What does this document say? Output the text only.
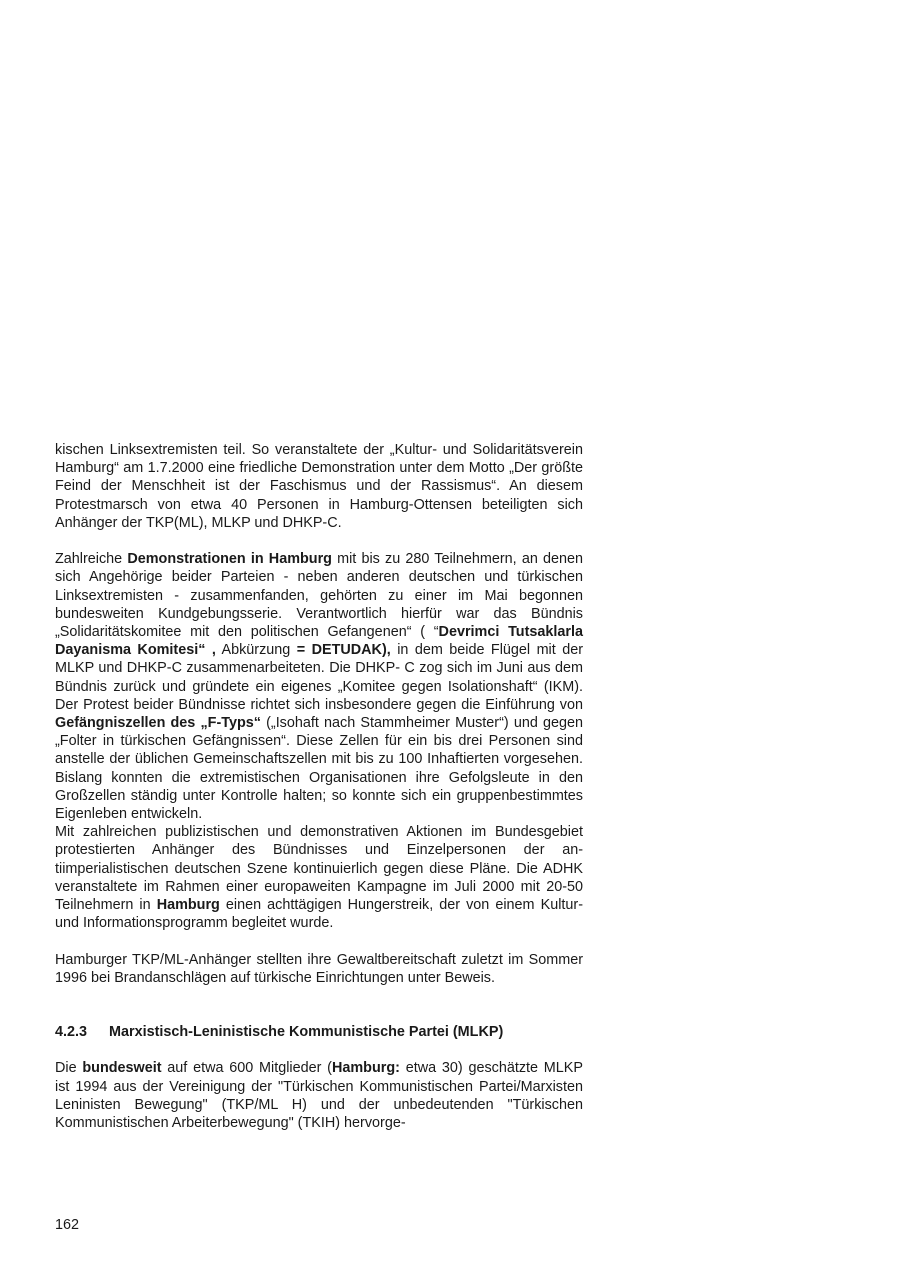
kischen Linksextremisten teil. So veranstaltete der „Kultur- und Solidaritätsverein Hamburg“ am 1.7.2000 eine friedliche Demonstration unter dem Motto „Der größte Feind der Menschheit ist der Faschismus und der Rassismus“. An diesem Protestmarsch von etwa 40 Personen in Hamburg-Ottensen beteiligten sich Anhänger der TKP(ML), MLKP und DHKP-C.

Zahlreiche Demonstrationen in Hamburg mit bis zu 280 Teilnehmern, an denen sich Angehörige beider Parteien - neben anderen deutschen und türkischen Linksextremisten - zusammenfanden, gehörten zu einer im Mai begonnen bundesweiten Kundgebungsserie. Verantwortlich hierfür war das Bündnis „Solidaritätskomitee mit den politischen Gefangenen“ ( “Devrimci Tutsaklarla Dayanisma Komitesi“ , Abkürzung = DETUDAK), in dem beide Flügel mit der MLKP und DHKP-C zusammenarbeiteten. Die DHKP- C zog sich im Juni aus dem Bündnis zurück und gründete ein eigenes „Komitee gegen Isolationshaft“ (IKM). Der Protest beider Bündnisse richtet sich insbesondere gegen die Einführung von Gefängniszellen des „F-Typs“ („Isohaft nach Stammheimer Muster“) und gegen „Folter in türkischen Gefängnissen“. Diese Zellen für ein bis drei Personen sind anstelle der üblichen Gemeinschaftszellen mit bis zu 100 Inhaftierten vorgesehen. Bislang konnten die extremistischen Organisationen ihre Gefolgsleute in den Großzellen ständig unter Kontrolle halten; so konnte sich ein gruppenbestimmtes Eigenleben entwickeln.

Mit zahlreichen publizistischen und demonstrativen Aktionen im Bundesgebiet protestierten Anhänger des Bündnisses und Einzelpersonen der antiimperialistischen deutschen Szene kontinuierlich gegen diese Pläne. Die ADHK veranstaltete im Rahmen einer europaweiten Kampagne im Juli 2000 mit 20-50 Teilnehmern in Hamburg einen achttägigen Hungerstreik, der von einem Kultur- und Informationsprogramm begleitet wurde.

Hamburger TKP/ML-Anhänger stellten ihre Gewaltbereitschaft zuletzt im Sommer 1996 bei Brandanschlägen auf türkische Einrichtungen unter Beweis.

4.2.3 Marxistisch-Leninistische Kommunistische Partei (MLKP)

Die bundesweit auf etwa 600 Mitglieder (Hamburg: etwa 30) geschätzte MLKP ist 1994 aus der Vereinigung der "Türkischen Kommunistischen Partei/Marxisten Leninisten Bewegung" (TKP/ML H) und der unbedeutenden "Türkischen Kommunistischen Arbeiterbewegung" (TKIH) hervorge-

162
